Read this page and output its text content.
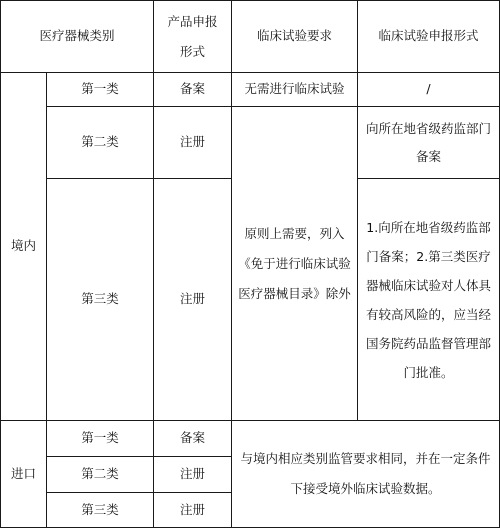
医疗器械类别		产品申报形式	临床试验要求	临床试验申报形式
境内	第一类	备案	无需进行临床试验	/
	第二类	注册	原则上需要，列入《免于进行临床试验医疗器械目录》除外	向所在地省级药监部门备案
	第三类	注册		1.向所在地省级药监部门备案；2.第三类医疗器械临床试验对人体具有较高风险的，应当经国务院药品监督管理部门批准。

进口	第一类	备案	与境内相应类别监管要求相同，并在一定条件下接受境外临床试验数据。	
	第二类	注册		
	第三类	注册		
